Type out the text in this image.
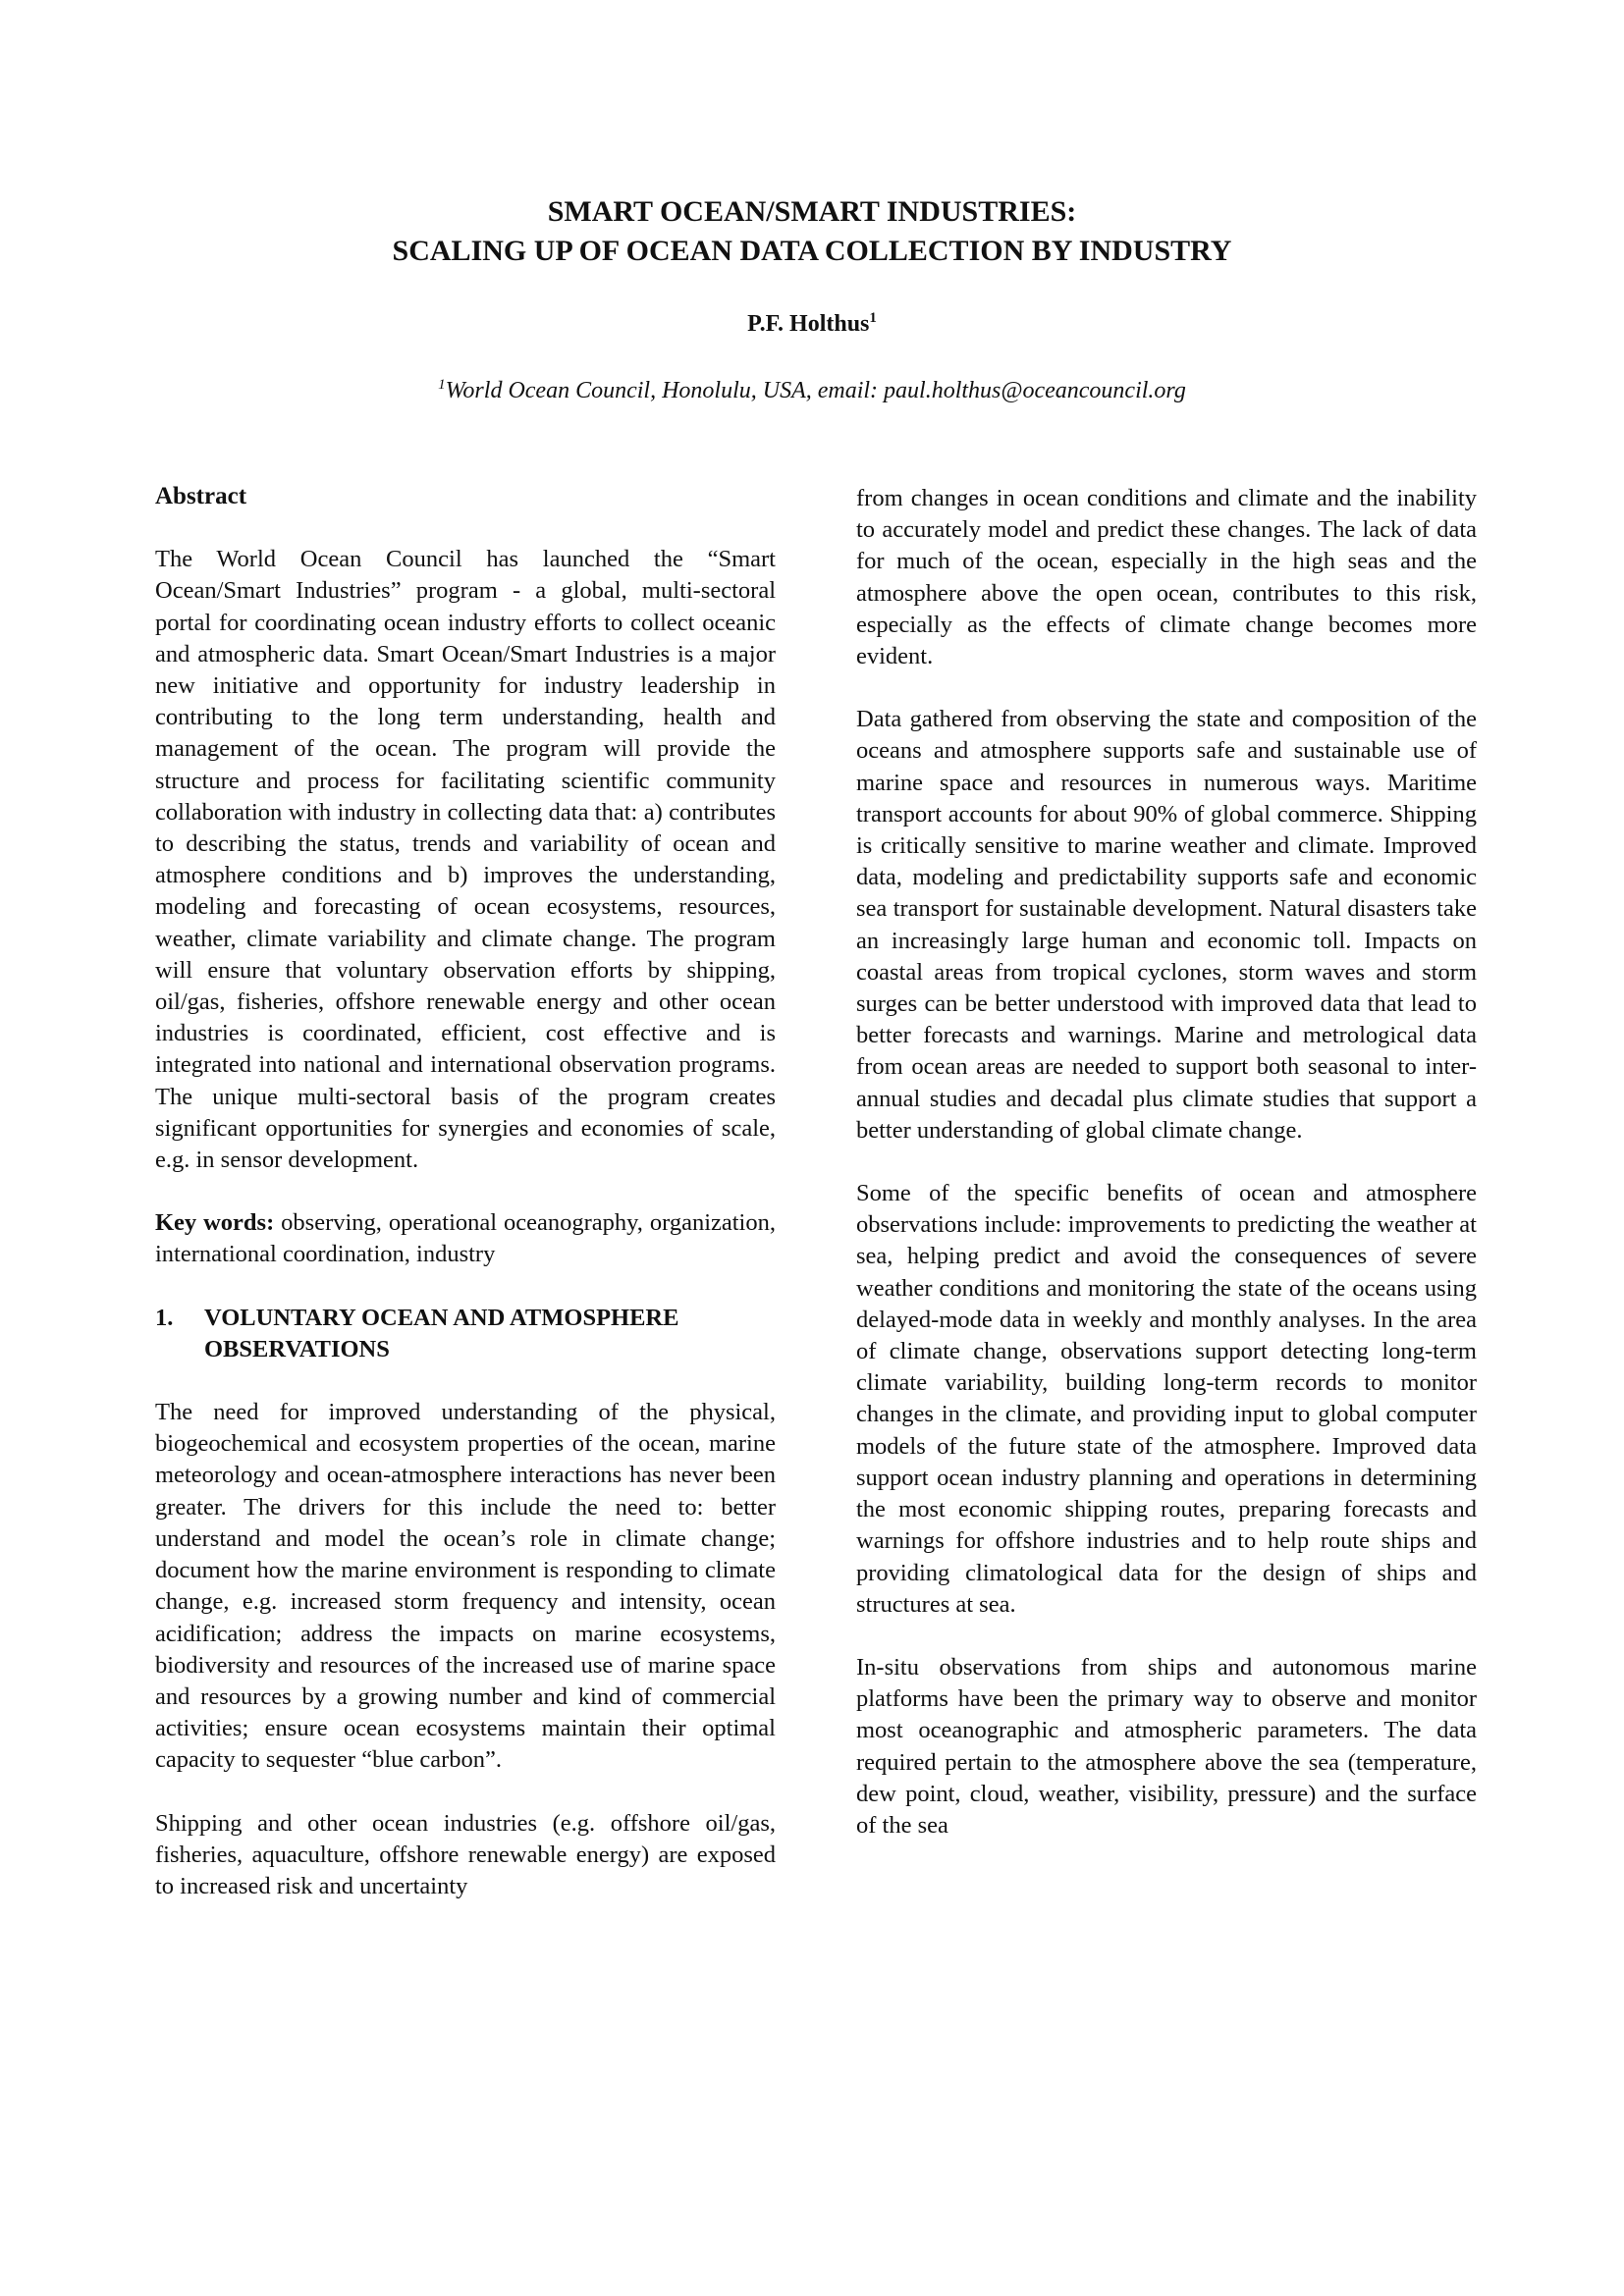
SMART OCEAN/SMART INDUSTRIES:
SCALING UP OF OCEAN DATA COLLECTION BY INDUSTRY
P.F. Holthus$^1$
$^1$World Ocean Council, Honolulu, USA, email: paul.holthus@oceancouncil.org
Abstract

The World Ocean Council has launched the “Smart Ocean/Smart Industries” program - a global, multi-sectoral portal for coordinating ocean industry efforts to collect oceanic and atmospheric data. Smart Ocean/Smart Industries is a major new initiative and opportunity for industry leadership in contributing to the long term understanding, health and management of the ocean. The program will provide the structure and process for facilitating scientific community collaboration with industry in collecting data that: a) contributes to describing the status, trends and variability of ocean and atmosphere conditions and b) improves the understanding, modeling and forecasting of ocean ecosystems, resources, weather, climate variability and climate change. The program will ensure that voluntary observation efforts by shipping, oil/gas, fisheries, offshore renewable energy and other ocean industries is coordinated, efficient, cost effective and is integrated into national and international observation programs. The unique multi-sectoral basis of the program creates significant opportunities for synergies and economies of scale, e.g. in sensor development.

Key words: observing, operational oceanography, organization, international coordination, industry

1.	VOLUNTARY OCEAN AND ATMOSPHERE OBSERVATIONS

The need for improved understanding of the physical, biogeochemical and ecosystem properties of the ocean, marine meteorology and ocean-atmosphere interactions has never been greater. The drivers for this include the need to: better understand and model the ocean’s role in climate change; document how the marine environment is responding to climate change, e.g. increased storm frequency and intensity, ocean acidification; address the impacts on marine ecosystems, biodiversity and resources of the increased use of marine space and resources by a growing number and kind of commercial activities; ensure ocean ecosystems maintain their optimal capacity to sequester “blue carbon”.

Shipping and other ocean industries (e.g. offshore oil/gas, fisheries, aquaculture, offshore renewable energy) are exposed to increased risk and uncertainty

from changes in ocean conditions and climate and the inability to accurately model and predict these changes. The lack of data for much of the ocean, especially in the high seas and the atmosphere above the open ocean, contributes to this risk, especially as the effects of climate change becomes more evident.

Data gathered from observing the state and composition of the oceans and atmosphere supports safe and sustainable use of marine space and resources in numerous ways. Maritime transport accounts for about 90% of global commerce. Shipping is critically sensitive to marine weather and climate. Improved data, modeling and predictability supports safe and economic sea transport for sustainable development. Natural disasters take an increasingly large human and economic toll. Impacts on coastal areas from tropical cyclones, storm waves and storm surges can be better understood with improved data that lead to better forecasts and warnings. Marine and metrological data from ocean areas are needed to support both seasonal to inter-annual studies and decadal plus climate studies that support a better understanding of global climate change.

Some of the specific benefits of ocean and atmosphere observations include: improvements to predicting the weather at sea, helping predict and avoid the consequences of severe weather conditions and monitoring the state of the oceans using delayed-mode data in weekly and monthly analyses. In the area of climate change, observations support detecting long-term climate variability, building long-term records to monitor changes in the climate, and providing input to global computer models of the future state of the atmosphere. Improved data support ocean industry planning and operations in determining the most economic shipping routes, preparing forecasts and warnings for offshore industries and to help route ships and providing climatological data for the design of ships and structures at sea.

In-situ observations from ships and autonomous marine platforms have been the primary way to observe and monitor most oceanographic and atmospheric parameters. The data required pertain to the atmosphere above the sea (temperature, dew point, cloud, weather, visibility, pressure) and the surface of the sea
